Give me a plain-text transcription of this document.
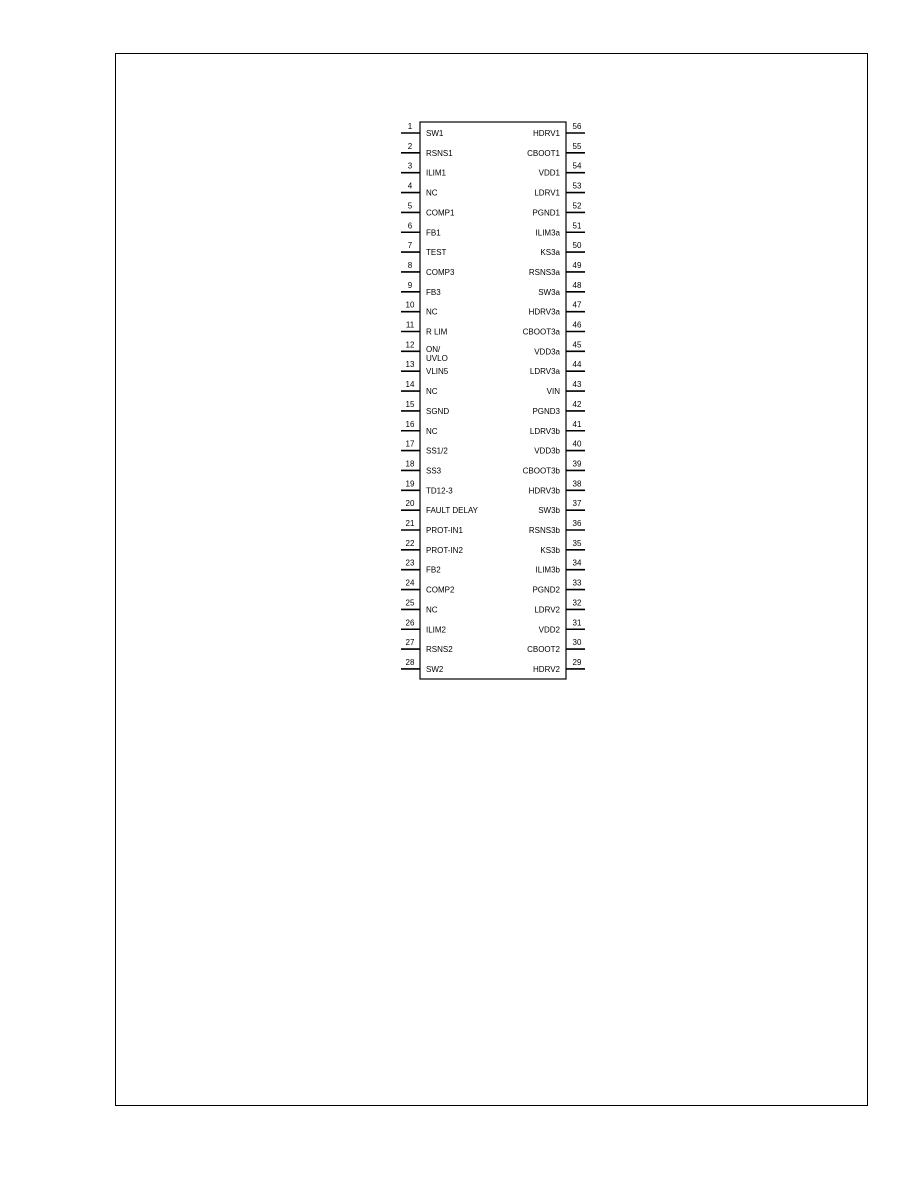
1
SW1
2
RSNS1
3
ILIM1
4
NC
5
COMP1
6
FB1
7
TEST
8
COMP3
9
FB3
10
NC
11
R LIM
12 ON/
UVLO
13
VLIN5
14
NC
15
SGND
16
NC
17
SS1/2
18
SS3
19
TD12-3
20
FAULT DELAY
21
PROT-IN1
22
PROT-IN2
23
FB2
24
COMP2
25
NC
26
ILIM2
27
RSNS2
28
SW2
56
HDRV1
55
CBOOT1
54
VDD1
53
LDRV1
52
PGND1
51
ILIM3a
50
KS3a
49
RSNS3a
48
SW3a
47
HDRV3a
46
CBOOT3a
45
VDD3a
44
LDRV3a
43
VIN
42
PGND3
41
LDRV3b
40
VDD3b
39
CBOOT3b
38
HDRV3b
37
SW3b
36
RSNS3b
35
KS3b
34
ILIM3b
33
PGND2
32
LDRV2
31
VDD2
30
CBOOT2
29
HDRV2
